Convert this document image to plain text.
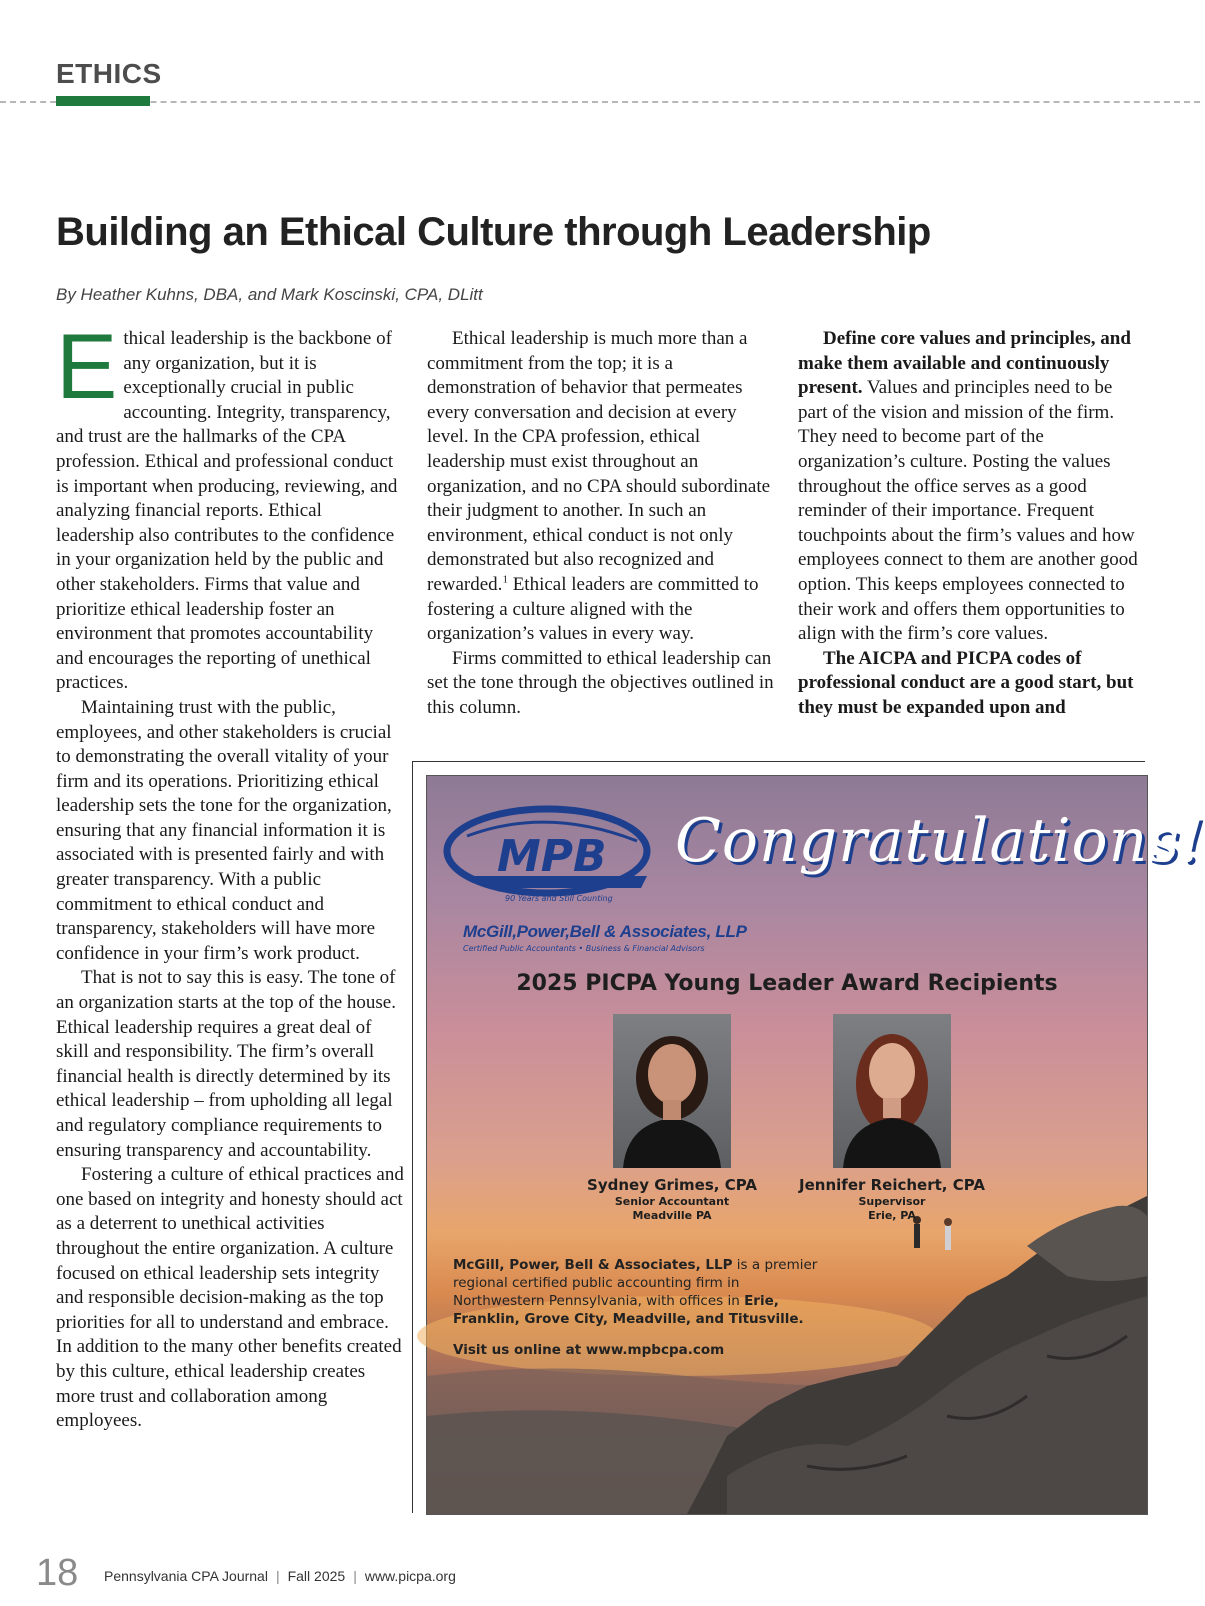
ETHICS
Building an Ethical Culture through Leadership
By Heather Kuhns, DBA, and Mark Koscinski, CPA, DLitt

Ethical leadership is the backbone of any organization, but it is exceptionally crucial in public accounting. Integrity, transparency, and trust are the hallmarks of the CPA profession. Ethical and professional conduct is important when producing, reviewing, and analyzing financial reports. Ethical leadership also contributes to the confidence in your organization held by the public and other stakeholders. Firms that value and prioritize ethical leadership foster an environment that promotes accountability and encourages the reporting of unethical practices.

Maintaining trust with the public, employees, and other stakeholders is crucial to demonstrating the overall vitality of your firm and its operations. Prioritizing ethical leadership sets the tone for the organization, ensuring that any financial information it is associated with is presented fairly and with greater transparency. With a public commitment to ethical conduct and transparency, stakeholders will have more confidence in your firm’s work product.

That is not to say this is easy. The tone of an organization starts at the top of the house. Ethical leadership requires a great deal of skill and responsibility. The firm’s overall financial health is directly determined by its ethical leadership – from upholding all legal and regulatory compliance requirements to ensuring transparency and accountability.

Fostering a culture of ethical practices and one based on integrity and honesty should act as a deterrent to unethical activities throughout the entire organization. A culture focused on ethical leadership sets integrity and responsible decision-making as the top priorities for all to understand and embrace. In addition to the many other benefits created by this culture, ethical leadership creates more trust and collaboration among employees.

Ethical leadership is much more than a commitment from the top; it is a demonstration of behavior that permeates every conversation and decision at every level. In the CPA profession, ethical leadership must exist throughout an organization, and no CPA should subordinate their judgment to another. In such an environment, ethical conduct is not only demonstrated but also recognized and rewarded.$^1$ Ethical leaders are committed to fostering a culture aligned with the organization’s values in every way.

Firms committed to ethical leadership can set the tone through the objectives outlined in this column.

Define core values and principles, and make them available and continuously present. Values and principles need to be part of the vision and mission of the firm. They need to become part of the organization’s culture. Posting the values throughout the office serves as a good reminder of their importance. Frequent touchpoints about the firm’s values and how employees connect to them are another good option. This keeps employees connected to their work and offers them opportunities to align with the firm’s core values.

The AICPA and PICPA codes of professional conduct are a good start, but they must be expanded upon and

MPB
90 Years and Still Counting
McGill,Power,Bell & Associates, LLP
Certified Public Accountants • Business & Financial Advisors
Congratulations!
2025 PICPA Young Leader Award Recipients
Sydney Grimes, CPA
Senior Accountant
Meadville PA
Jennifer Reichert, CPA
Supervisor
Erie, PA
McGill, Power, Bell & Associates, LLP is a premier regional certified public accounting firm in Northwestern Pennsylvania, with offices in Erie, Franklin, Grove City, Meadville, and Titusville.
Visit us online at www.mpbcpa.com
18 Pennsylvania CPA Journal | Fall 2025 | www.picpa.org
